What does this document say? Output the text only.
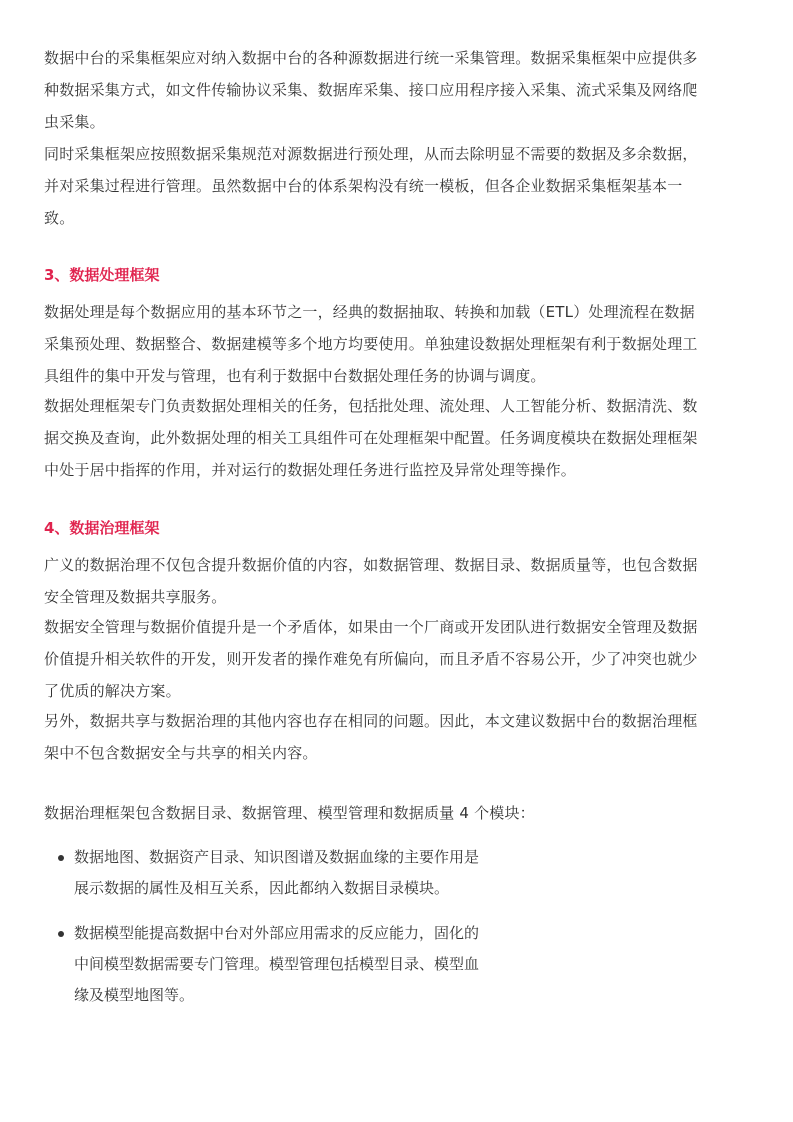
数据中台的采集框架应对纳入数据中台的各种源数据进行统一采集管理。数据采集框架中应提供多
种数据采集方式，如文件传输协议采集、数据库采集、接口应用程序接入采集、流式采集及网络爬
虫采集。

同时采集框架应按照数据采集规范对源数据进行预处理，从而去除明显不需要的数据及多余数据，
并对采集过程进行管理。虽然数据中台的体系架构没有统一模板，但各企业数据采集框架基本一
致。

3、数据处理框架

数据处理是每个数据应用的基本环节之一，经典的数据抽取、转换和加载（ETL）处理流程在数据
采集预处理、数据整合、数据建模等多个地方均要使用。单独建设数据处理框架有利于数据处理工
具组件的集中开发与管理，也有利于数据中台数据处理任务的协调与调度。

数据处理框架专门负责数据处理相关的任务，包括批处理、流处理、人工智能分析、数据清洗、数
据交换及查询，此外数据处理的相关工具组件可在处理框架中配置。任务调度模块在数据处理框架
中处于居中指挥的作用，并对运行的数据处理任务进行监控及异常处理等操作。

4、数据治理框架

广义的数据治理不仅包含提升数据价值的内容，如数据管理、数据目录、数据质量等，也包含数据
安全管理及数据共享服务。

数据安全管理与数据价值提升是一个矛盾体，如果由一个厂商或开发团队进行数据安全管理及数据
价值提升相关软件的开发，则开发者的操作难免有所偏向，而且矛盾不容易公开，少了冲突也就少
了优质的解决方案。

另外，数据共享与数据治理的其他内容也存在相同的问题。因此，本文建议数据中台的数据治理框
架中不包含数据安全与共享的相关内容。

数据治理框架包含数据目录、数据管理、模型管理和数据质量 4 个模块：

数据地图、数据资产目录、知识图谱及数据血缘的主要作用是
展示数据的属性及相互关系，因此都纳入数据目录模块。
数据模型能提高数据中台对外部应用需求的反应能力，固化的
中间模型数据需要专门管理。模型管理包括模型目录、模型血
缘及模型地图等。
